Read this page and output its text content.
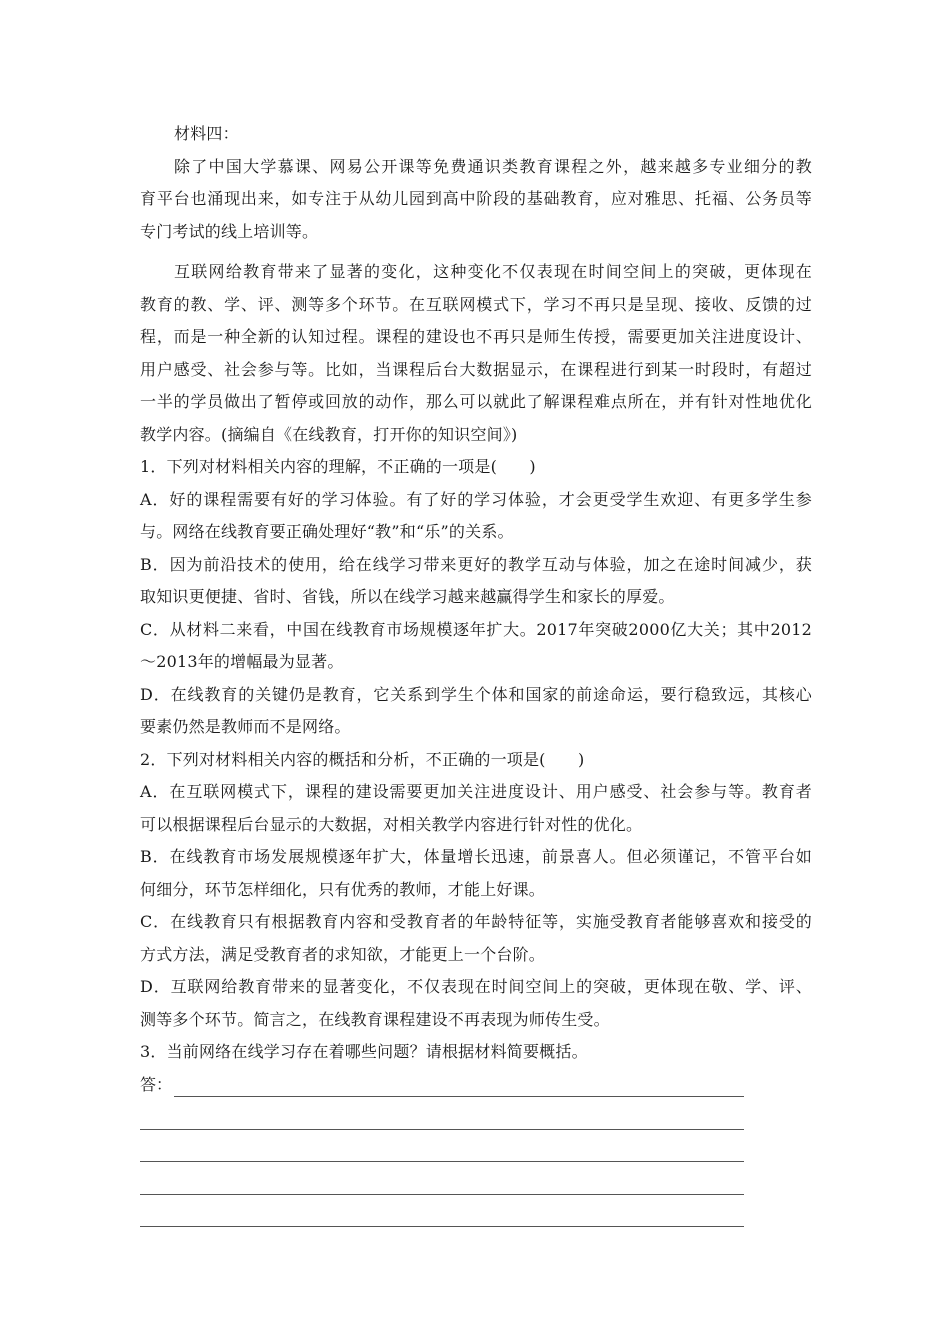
材料四：
除了中国大学慕课、网易公开课等免费通识类教育课程之外，越来越多专业细分的教
育平台也涌现出来，如专注于从幼儿园到高中阶段的基础教育，应对雅思、托福、公务员等
专门考试的线上培训等。
互联网给教育带来了显著的变化，这种变化不仅表现在时间空间上的突破，更体现在
教育的教、学、评、测等多个环节。在互联网模式下，学习不再只是呈现、接收、反馈的过
程，而是一种全新的认知过程。课程的建设也不再只是师生传授，需要更加关注进度设计、
用户感受、社会参与等。比如，当课程后台大数据显示，在课程进行到某一时段时，有超过
一半的学员做出了暂停或回放的动作，那么可以就此了解课程难点所在，并有针对性地优化
教学内容。(摘编自《在线教育，打开你的知识空间》)
1．下列对材料相关内容的理解，不正确的一项是(　　)
A．好的课程需要有好的学习体验。有了好的学习体验，才会更受学生欢迎、有更多学生参
与。网络在线教育要正确处理好“教”和“乐”的关系。
B．因为前沿技术的使用，给在线学习带来更好的教学互动与体验，加之在途时间减少，获
取知识更便捷、省时、省钱，所以在线学习越来越赢得学生和家长的厚爱。
C．从材料二来看，中国在线教育市场规模逐年扩大。2017年突破2000亿大关；其中2012
～2013年的增幅最为显著。
D．在线教育的关键仍是教育，它关系到学生个体和国家的前途命运，要行稳致远，其核心
要素仍然是教师而不是网络。
2．下列对材料相关内容的概括和分析，不正确的一项是(　　)
A．在互联网模式下，课程的建设需要更加关注进度设计、用户感受、社会参与等。教育者
可以根据课程后台显示的大数据，对相关教学内容进行针对性的优化。
B．在线教育市场发展规模逐年扩大，体量增长迅速，前景喜人。但必须谨记，不管平台如
何细分，环节怎样细化，只有优秀的教师，才能上好课。
C．在线教育只有根据教育内容和受教育者的年龄特征等，实施受教育者能够喜欢和接受的
方式方法，满足受教育者的求知欲，才能更上一个台阶。
D．互联网给教育带来的显著变化，不仅表现在时间空间上的突破，更体现在敬、学、评、
测等多个环节。简言之，在线教育课程建设不再表现为师传生受。
3．当前网络在线学习存在着哪些问题？请根据材料简要概括。
答：
